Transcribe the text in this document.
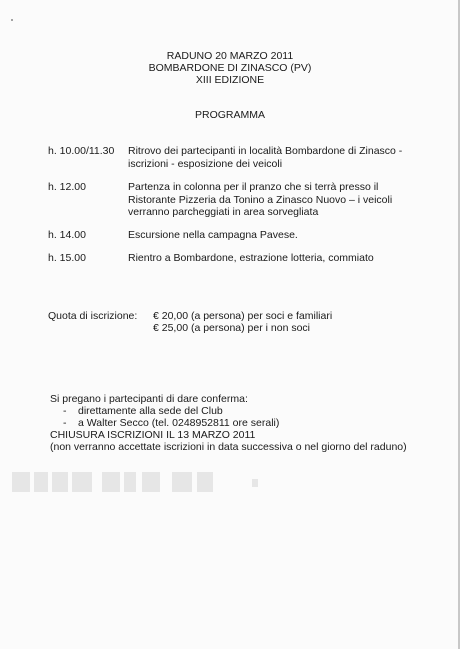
RADUNO 20 MARZO 2011
BOMBARDONE DI ZINASCO (PV)
XIII EDIZIONE
PROGRAMMA
h. 10.00/11.30 Ritrovo dei partecipanti in località Bombardone di Zinasco -
iscrizioni - esposizione dei veicoli
h. 12.00	Partenza in colonna per il pranzo che si terrà presso il
Ristorante Pizzeria da Tonino a Zinasco Nuovo – i veicoli
verranno parcheggiati in area sorvegliata
h. 14.00	Escursione nella campagna Pavese.
h. 15.00	Rientro a Bombardone, estrazione lotteria, commiato
Quota di iscrizione: € 20,00 (a persona) per soci e familiari
€ 25,00 (a persona) per i non soci
Si pregano i partecipanti di dare conferma:
- direttamente alla sede del Club
- a Walter Secco (tel. 0248952811 ore serali)
CHIUSURA ISCRIZIONI IL 13 MARZO 2011
(non verranno accettate iscrizioni in data successiva o nel giorno del raduno)
